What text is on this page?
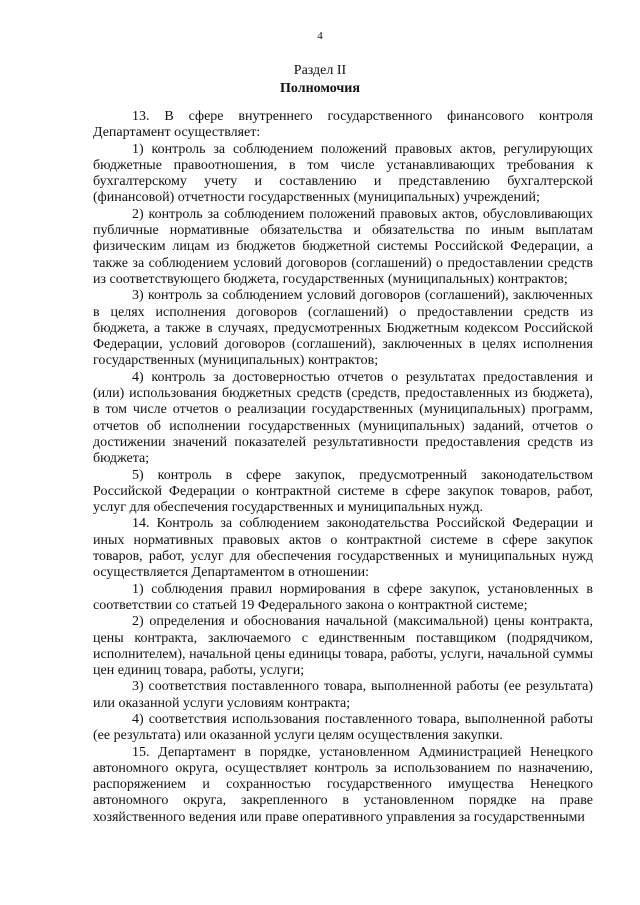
4
Раздел II
Полномочия

13. В сфере внутреннего государственного финансового контроля Департамент осуществляет:

1) контроль за соблюдением положений правовых актов, регулирующих бюджетные правоотношения, в том числе устанавливающих требования к бухгалтерскому учету и составлению и представлению бухгалтерской (финансовой) отчетности государственных (муниципальных) учреждений;

2) контроль за соблюдением положений правовых актов, обусловливающих публичные нормативные обязательства и обязательства по иным выплатам физическим лицам из бюджетов бюджетной системы Российской Федерации, а также за соблюдением условий договоров (соглашений) о предоставлении средств из соответствующего бюджета, государственных (муниципальных) контрактов;

3) контроль за соблюдением условий договоров (соглашений), заключенных в целях исполнения договоров (соглашений) о предоставлении средств из бюджета, а также в случаях, предусмотренных Бюджетным кодексом Российской Федерации, условий договоров (соглашений), заключенных в целях исполнения государственных (муниципальных) контрактов;

4) контроль за достоверностью отчетов о результатах предоставления и (или) использования бюджетных средств (средств, предоставленных из бюджета), в том числе отчетов о реализации государственных (муниципальных) программ, отчетов об исполнении государственных (муниципальных) заданий, отчетов о достижении значений показателей результативности предоставления средств из бюджета;

5) контроль в сфере закупок, предусмотренный законодательством Российской Федерации о контрактной системе в сфере закупок товаров, работ, услуг для обеспечения государственных и муниципальных нужд.

14. Контроль за соблюдением законодательства Российской Федерации и иных нормативных правовых актов о контрактной системе в сфере закупок товаров, работ, услуг для обеспечения государственных и муниципальных нужд осуществляется Департаментом в отношении:

1) соблюдения правил нормирования в сфере закупок, установленных в соответствии со статьей 19 Федерального закона о контрактной системе;

2) определения и обоснования начальной (максимальной) цены контракта, цены контракта, заключаемого с единственным поставщиком (подрядчиком, исполнителем), начальной цены единицы товара, работы, услуги, начальной суммы цен единиц товара, работы, услуги;

3) соответствия поставленного товара, выполненной работы (ее результата) или оказанной услуги условиям контракта;

4) соответствия использования поставленного товара, выполненной работы (ее результата) или оказанной услуги целям осуществления закупки.

15. Департамент в порядке, установленном Администрацией Ненецкого автономного округа, осуществляет контроль за использованием по назначению, распоряжением и сохранностью государственного имущества Ненецкого автономного округа, закрепленного в установленном порядке на праве хозяйственного ведения или праве оперативного управления за государственными
